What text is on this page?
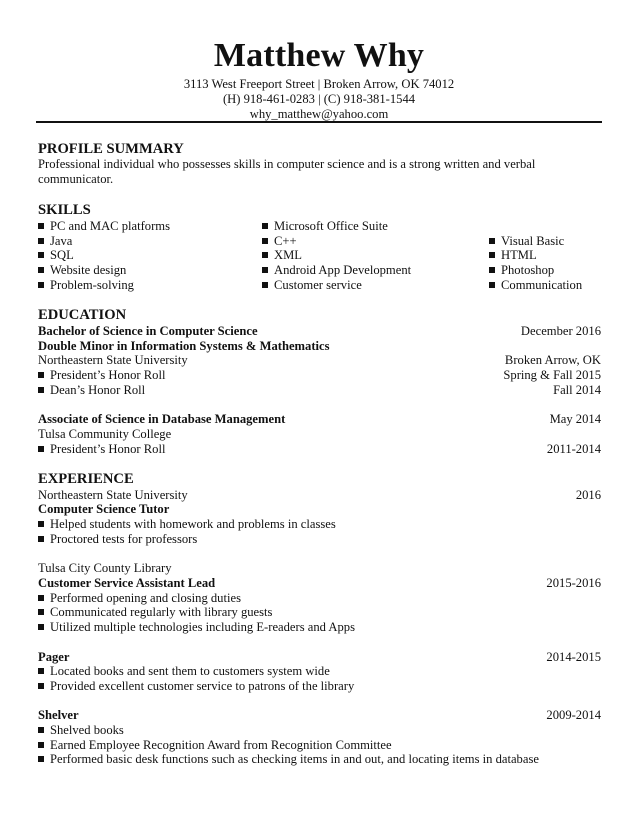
Matthew Why
3113 West Freeport Street | Broken Arrow, OK 74012
(H) 918-461-0283 | (C) 918-381-1544
why_matthew@yahoo.com
PROFILE SUMMARY
Professional individual who possesses skills in computer science and is a strong written and verbal
communicator.
SKILLS
PC and MAC platforms
Java
SQL
Website design
Problem-solving
Microsoft Office Suite
C++
XML
Android App Development
Customer service
Visual Basic
HTML
Photoshop
Communication
EDUCATION
Bachelor of Science in Computer Science	December 2016
Double Minor in Information Systems & Mathematics
Northeastern State University	Broken Arrow, OK
President’s Honor Roll	Spring & Fall 2015
Dean’s Honor Roll	Fall 2014
Associate of Science in Database Management	May 2014
Tulsa Community College
President’s Honor Roll	2011-2014
EXPERIENCE
Northeastern State University	2016
Computer Science Tutor
Helped students with homework and problems in classes
Proctored tests for professors
Tulsa City County Library
Customer Service Assistant Lead	2015-2016
Performed opening and closing duties
Communicated regularly with library guests
Utilized multiple technologies including E-readers and Apps
Pager	2014-2015
Located books and sent them to customers system wide
Provided excellent customer service to patrons of the library
Shelver	2009-2014
Shelved books
Earned Employee Recognition Award from Recognition Committee
Performed basic desk functions such as checking items in and out, and locating items in database
